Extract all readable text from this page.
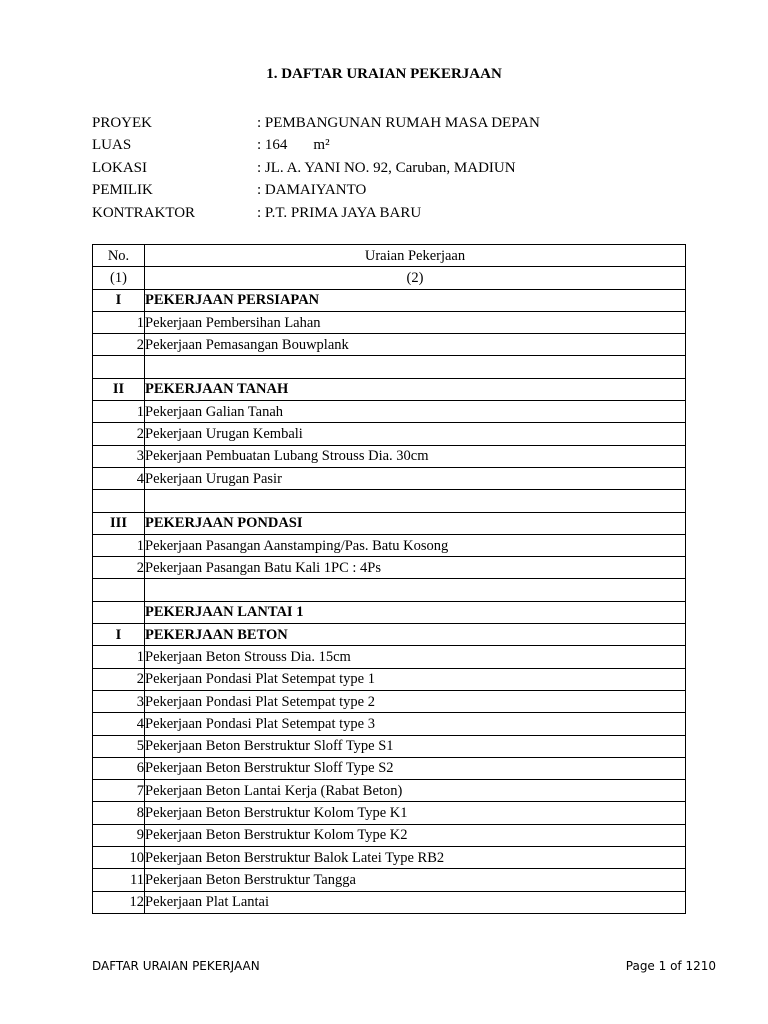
1. DAFTAR URAIAN PEKERJAAN
PROYEK	: PEMBANGUNAN RUMAH MASA DEPAN
LUAS	: 164 m²
LOKASI	: JL. A. YANI NO. 92, Caruban, MADIUN
PEMILIK	: DAMAIYANTO
KONTRAKTOR	: P.T. PRIMA JAYA BARU
No.	Uraian Pekerjaan
(1)	(2)
I	PEKERJAAN PERSIAPAN
1	Pekerjaan Pembersihan Lahan
2	Pekerjaan Pemasangan Bouwplank

II	PEKERJAAN TANAH
1	Pekerjaan Galian Tanah
2	Pekerjaan Urugan Kembali
3	Pekerjaan Pembuatan Lubang Strouss Dia. 30cm
4	Pekerjaan Urugan Pasir

III	PEKERJAAN PONDASI
1	Pekerjaan Pasangan Aanstamping/Pas. Batu Kosong
2	Pekerjaan Pasangan Batu Kali 1PC : 4Ps

	PEKERJAAN LANTAI 1
I	PEKERJAAN BETON
1	Pekerjaan Beton Strouss Dia. 15cm
2	Pekerjaan Pondasi Plat Setempat type 1
3	Pekerjaan Pondasi Plat Setempat type 2
4	Pekerjaan Pondasi Plat Setempat type 3
5	Pekerjaan Beton Berstruktur Sloff Type S1
6	Pekerjaan Beton Berstruktur Sloff Type S2
7	Pekerjaan Beton Lantai Kerja (Rabat Beton)
8	Pekerjaan Beton Berstruktur Kolom Type K1
9	Pekerjaan Beton Berstruktur Kolom Type K2
10	Pekerjaan Beton Berstruktur Balok Latei Type RB2
11	Pekerjaan Beton Berstruktur Tangga
12	Pekerjaan Plat Lantai
DAFTAR URAIAN PEKERJAAN	Page 1 of 1210
